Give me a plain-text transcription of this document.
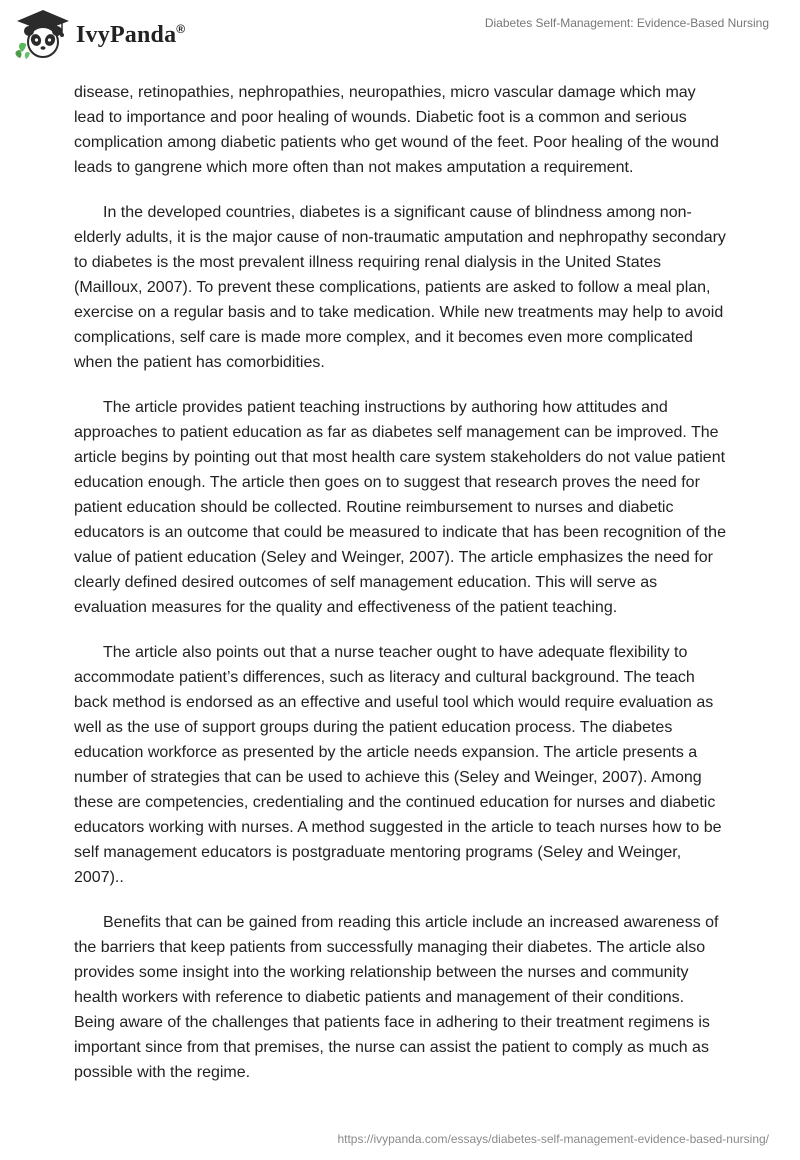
IvyPanda®	Diabetes Self-Management: Evidence-Based Nursing

disease, retinopathies, nephropathies, neuropathies, micro vascular damage which may lead to importance and poor healing of wounds. Diabetic foot is a common and serious complication among diabetic patients who get wound of the feet. Poor healing of the wound leads to gangrene which more often than not makes amputation a requirement.

In the developed countries, diabetes is a significant cause of blindness among non-elderly adults, it is the major cause of non-traumatic amputation and nephropathy secondary to diabetes is the most prevalent illness requiring renal dialysis in the United States (Mailloux, 2007). To prevent these complications, patients are asked to follow a meal plan, exercise on a regular basis and to take medication. While new treatments may help to avoid complications, self care is made more complex, and it becomes even more complicated when the patient has comorbidities.

The article provides patient teaching instructions by authoring how attitudes and approaches to patient education as far as diabetes self management can be improved. The article begins by pointing out that most health care system stakeholders do not value patient education enough. The article then goes on to suggest that research proves the need for patient education should be collected. Routine reimbursement to nurses and diabetic educators is an outcome that could be measured to indicate that has been recognition of the value of patient education (Seley and Weinger, 2007). The article emphasizes the need for clearly defined desired outcomes of self management education. This will serve as evaluation measures for the quality and effectiveness of the patient teaching.

The article also points out that a nurse teacher ought to have adequate flexibility to accommodate patient’s differences, such as literacy and cultural background. The teach back method is endorsed as an effective and useful tool which would require evaluation as well as the use of support groups during the patient education process. The diabetes education workforce as presented by the article needs expansion. The article presents a number of strategies that can be used to achieve this (Seley and Weinger, 2007). Among these are competencies, credentialing and the continued education for nurses and diabetic educators working with nurses. A method suggested in the article to teach nurses how to be self management educators is postgraduate mentoring programs (Seley and Weinger, 2007)..

Benefits that can be gained from reading this article include an increased awareness of the barriers that keep patients from successfully managing their diabetes. The article also provides some insight into the working relationship between the nurses and community health workers with reference to diabetic patients and management of their conditions. Being aware of the challenges that patients face in adhering to their treatment regimens is important since from that premises, the nurse can assist the patient to comply as much as possible with the regime.

https://ivypanda.com/essays/diabetes-self-management-evidence-based-nursing/
